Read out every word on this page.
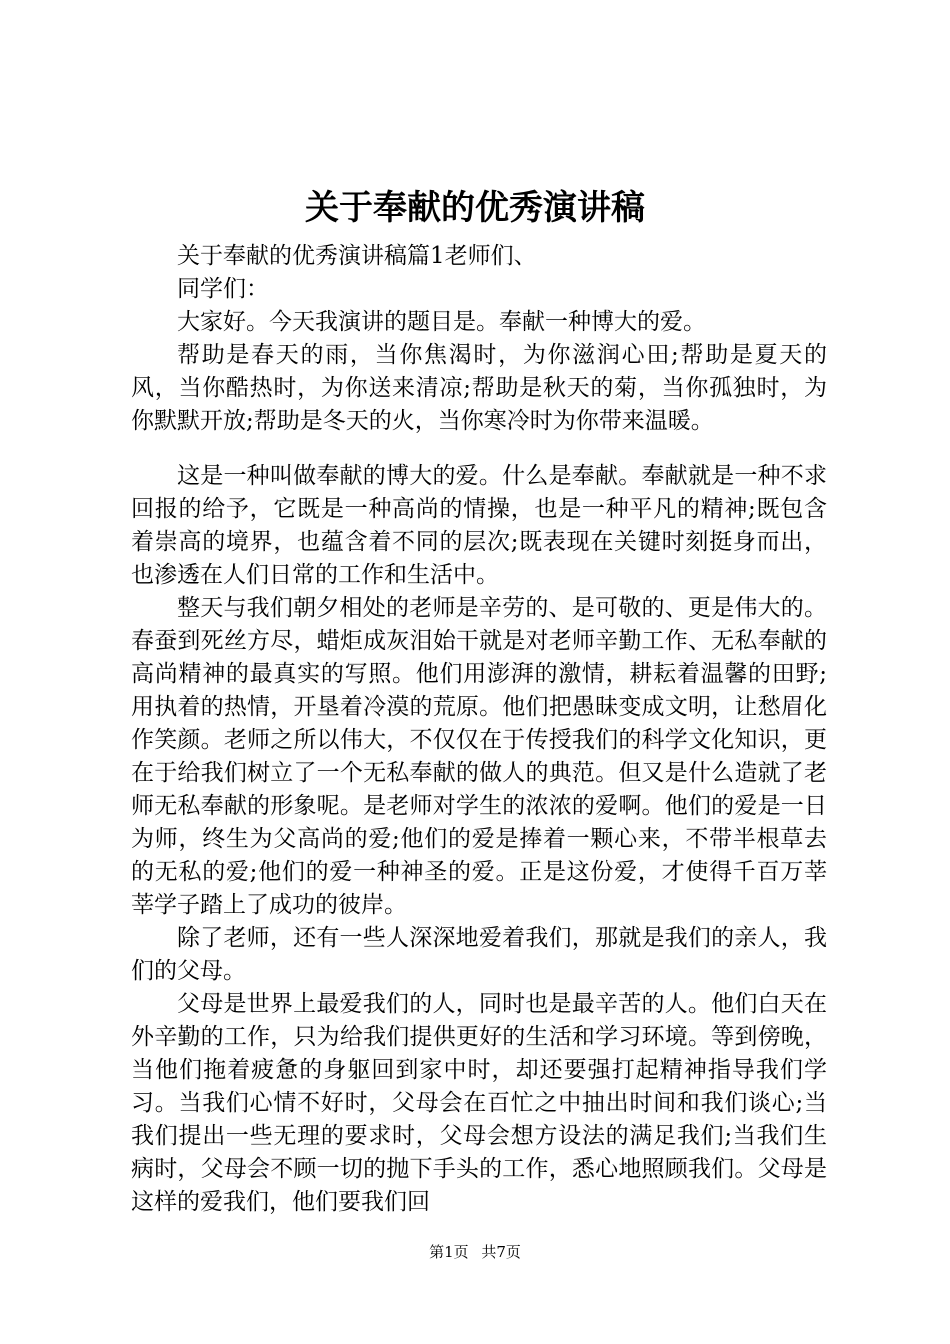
关于奉献的优秀演讲稿

关于奉献的优秀演讲稿篇1老师们、

同学们：

大家好。今天我演讲的题目是。奉献一种博大的爱。

帮助是春天的雨，当你焦渴时，为你滋润心田;帮助是夏天的风，当你酷热时，为你送来清凉;帮助是秋天的菊，当你孤独时，为你默默开放;帮助是冬天的火，当你寒冷时为你带来温暖。

这是一种叫做奉献的博大的爱。什么是奉献。奉献就是一种不求回报的给予，它既是一种高尚的情操，也是一种平凡的精神;既包含着崇高的境界，也蕴含着不同的层次;既表现在关键时刻挺身而出，也渗透在人们日常的工作和生活中。

整天与我们朝夕相处的老师是辛劳的、是可敬的、更是伟大的。春蚕到死丝方尽，蜡炬成灰泪始干就是对老师辛勤工作、无私奉献的高尚精神的最真实的写照。他们用澎湃的激情，耕耘着温馨的田野;用执着的热情，开垦着冷漠的荒原。他们把愚昧变成文明，让愁眉化作笑颜。老师之所以伟大，不仅仅在于传授我们的科学文化知识，更在于给我们树立了一个无私奉献的做人的典范。但又是什么造就了老师无私奉献的形象呢。是老师对学生的浓浓的爱啊。他们的爱是一日为师，终生为父高尚的爱;他们的爱是捧着一颗心来，不带半根草去的无私的爱;他们的爱一种神圣的爱。正是这份爱，才使得千百万莘莘学子踏上了成功的彼岸。

除了老师，还有一些人深深地爱着我们，那就是我们的亲人，我们的父母。

父母是世界上最爱我们的人，同时也是最辛苦的人。他们白天在外辛勤的工作，只为给我们提供更好的生活和学习环境。等到傍晚，当他们拖着疲惫的身躯回到家中时，却还要强打起精神指导我们学习。当我们心情不好时，父母会在百忙之中抽出时间和我们谈心;当我们提出一些无理的要求时，父母会想方设法的满足我们;当我们生病时，父母会不顾一切的抛下手头的工作，悉心地照顾我们。父母是这样的爱我们，他们要我们回

第1页 共7页
